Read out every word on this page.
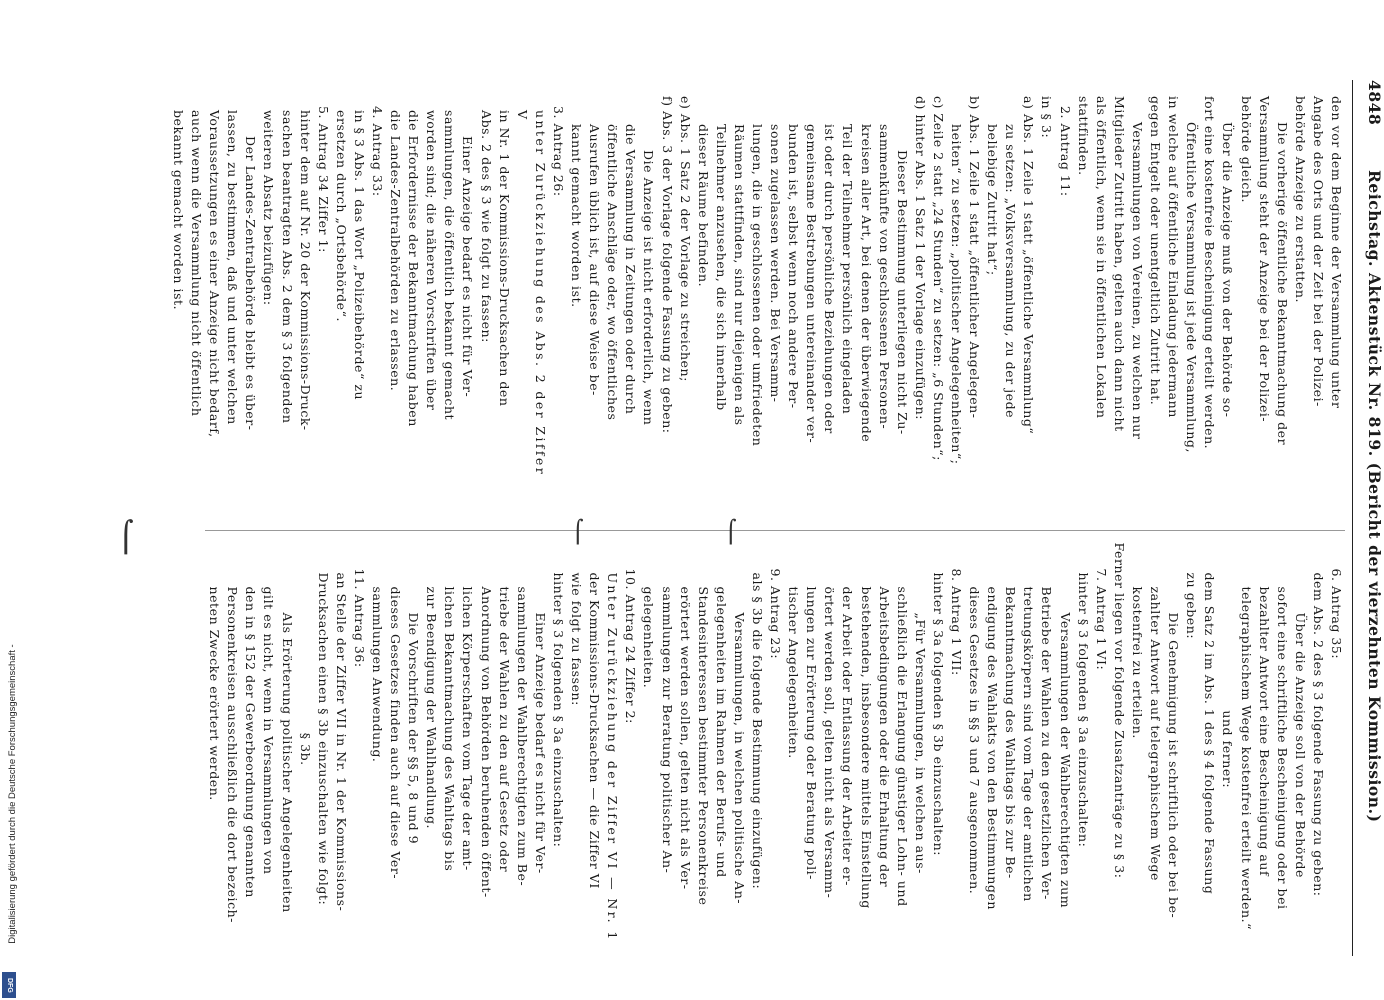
4848
Reichstag. Aktenstück Nr. 819. (Bericht der vierzehnten Kommission.)

den vor dem Beginne der Versammlung unter

Angabe des Orts und der Zeit bei der Polizei-

behörde Anzeige zu erstatten.

Die vorherige öffentliche Bekanntmachung der

Versammlung steht der Anzeige bei der Polizei-

behörde gleich.

Über die Anzeige muß von der Behörde so-

fort eine kostenfreie Bescheinigung erteilt werden.

Öffentliche Versammlung ist jede Versammlung,

in welche auf öffentliche Einladung jedermann

gegen Entgelt oder unentgeltlich Zutritt hat.

Versammlungen von Vereinen, zu welchen nur

Mitglieder Zutritt haben, gelten auch dann nicht

als öffentlich, wenn sie in öffentlichen Lokalen

stattfinden.

2. Antrag 11:

in § 3:

a) Abs. 1 Zeile 1 statt „öffentliche Versammlung“

zu setzen: „Volksversammlung, zu der jede

beliebige Zutritt hat“;

b) Abs. 1 Zeile 1 statt „öffentlicher Angelegen-

heiten“ zu setzen: „politischer Angelegenheiten“;

c) Zeile 2 statt „24 Stunden“ zu setzen: „6 Stunden“;

d) hinter Abs. 1 Satz 1 der Vorlage einzufügen:

Dieser Bestimmung unterliegen nicht Zu-

sammenkünfte von geschlossenen Personen-

kreisen aller Art, bei denen der überwiegende

Teil der Teilnehmer persönlich eingeladen

ist oder durch persönliche Beziehungen oder

gemeinsame Bestrebungen untereinander ver-

bunden ist, selbst wenn noch andere Per-

sonen zugelassen werden. Bei Versamm-

lungen, die in geschlossenen oder umfriedeten

Räumen stattfinden, sind nur diejenigen als

Teilnehmer anzusehen, die sich innerhalb

dieser Räume befinden.

e) Abs. 1 Satz 2 der Vorlage zu streichen;

f) Abs. 3 der Vorlage folgende Fassung zu geben:

Die Anzeige ist nicht erforderlich, wenn

die Versammlung in Zeitungen oder durch

öffentliche Anschläge oder, wo öffentliches

Ausrufen üblich ist, auf diese Weise be-

kannt gemacht worden ist.

3. Antrag 26:

unter Zurückziehung des Abs. 2 der Ziffer V

in Nr. 1 der Kommissions-Drucksachen den

Abs. 2 des § 3 wie folgt zu fassen:

Einer Anzeige bedarf es nicht für Ver-

sammlungen, die öffentlich bekannt gemacht

worden sind; die näheren Vorschriften über

die Erfordernisse der Bekanntmachung haben

die Landes-Zentralbehörden zu erlassen.

4. Antrag 33:

in § 3 Abs. 1 das Wort „Polizeibehörde“ zu

ersetzen durch „Ortsbehörde“.

5. Antrag 34 Ziffer 1:

hinter dem auf Nr. 20 der Kommissions-Druck-

sachen beantragten Abs. 2 dem § 3 folgenden

weiteren Absatz beizufügen:

Der Landes-Zentralbehörde bleibt es über-

lassen, zu bestimmen, daß und unter welchen

Voraussetzungen es einer Anzeige nicht bedarf,

auch wenn die Versammlung nicht öffentlich

bekannt gemacht worden ist.

6. Antrag 35:

dem Abs. 2 des § 3 folgende Fassung zu geben:

Über die Anzeige soll von der Behörde

sofort eine schriftliche Bescheinigung oder bei

bezahlter Antwort eine Bescheinigung auf

telegraphischem Wege kostenfrei erteilt werden.“

und ferner:

dem Satz 2 im Abs. 1 des § 4 folgende Fassung

zu geben:

Die Genehmigung ist schriftlich oder bei be-

zahlter Antwort auf telegraphischem Wege

kostenfrei zu erteilen.

Ferner liegen vor folgende Zusatzanträge zu § 3:

7. Antrag 1 VI:

hinter § 3 folgenden § 3a einzuschalten:

Versammlungen der Wahlberechtigten zum

Betriebe der Wahlen zu den gesetzlichen Ver-

tretungskörpern sind vom Tage der amtlichen

Bekanntmachung des Wahltags bis zur Be-

endigung des Wahlakts von den Bestimmungen

dieses Gesetzes in §§ 3 und 7 ausgenommen.

8. Antrag 1 VII:

hinter § 3a folgenden § 3b einzuschalten:

„Für Versammlungen, in welchen aus-

schließlich die Erlangung günstiger Lohn- und

Arbeitsbedingungen oder die Erhaltung der

bestehenden, insbesondere mittels Einstellung

der Arbeit oder Entlassung der Arbeiter er-

örtert werden soll, gelten nicht als Versamm-

lungen zur Erörterung oder Beratung poli-

tischer Angelegenheiten.

9. Antrag 23:

als § 3b die folgende Bestimmung einzufügen:

Versammlungen, in welchen politische An-

gelegenheiten im Rahmen der Berufs- und

Standesinteressen bestimmter Personenkreise

erörtert werden sollen, gelten nicht als Ver-

sammlungen zur Beratung politischer An-

gelegenheiten.

10. Antrag 24 Ziffer 2:

Unter Zurückziehung der Ziffer VI — Nr. 1

der Kommissions-Drucksachen — die Ziffer VI

wie folgt zu fassen:

hinter § 3 folgenden § 3a einzuschalten:

Einer Anzeige bedarf es nicht für Ver-

sammlungen der Wahlberechtigten zum Be-

triebe der Wahlen zu den auf Gesetz oder

Anordnung von Behörden beruhenden öffent-

lichen Körperschaften vom Tage der amt-

lichen Bekanntmachung des Wahltags bis

zur Beendigung der Wahlhandlung.

Die Vorschriften der §§ 5, 8 und 9

dieses Gesetzes finden auch auf diese Ver-

sammlungen Anwendung.

11. Antrag 36:

an Stelle der Ziffer VII in Nr. 1 der Kommissions-

Drucksachen einen § 3b einzuschalten wie folgt:

§ 3b.

Als Erörterung politischer Angelegenheiten

gilt es nicht, wenn in Versammlungen von

den in § 152 der Gewerbeordnung genannten

Personenkreisen ausschließlich die dort bezeich-

neten Zwecke erörtert werden.

⌠	⌠	⌠
Digitalisierung gefördert durch die Deutsche Forschungsgemeinschaft -
DFG
